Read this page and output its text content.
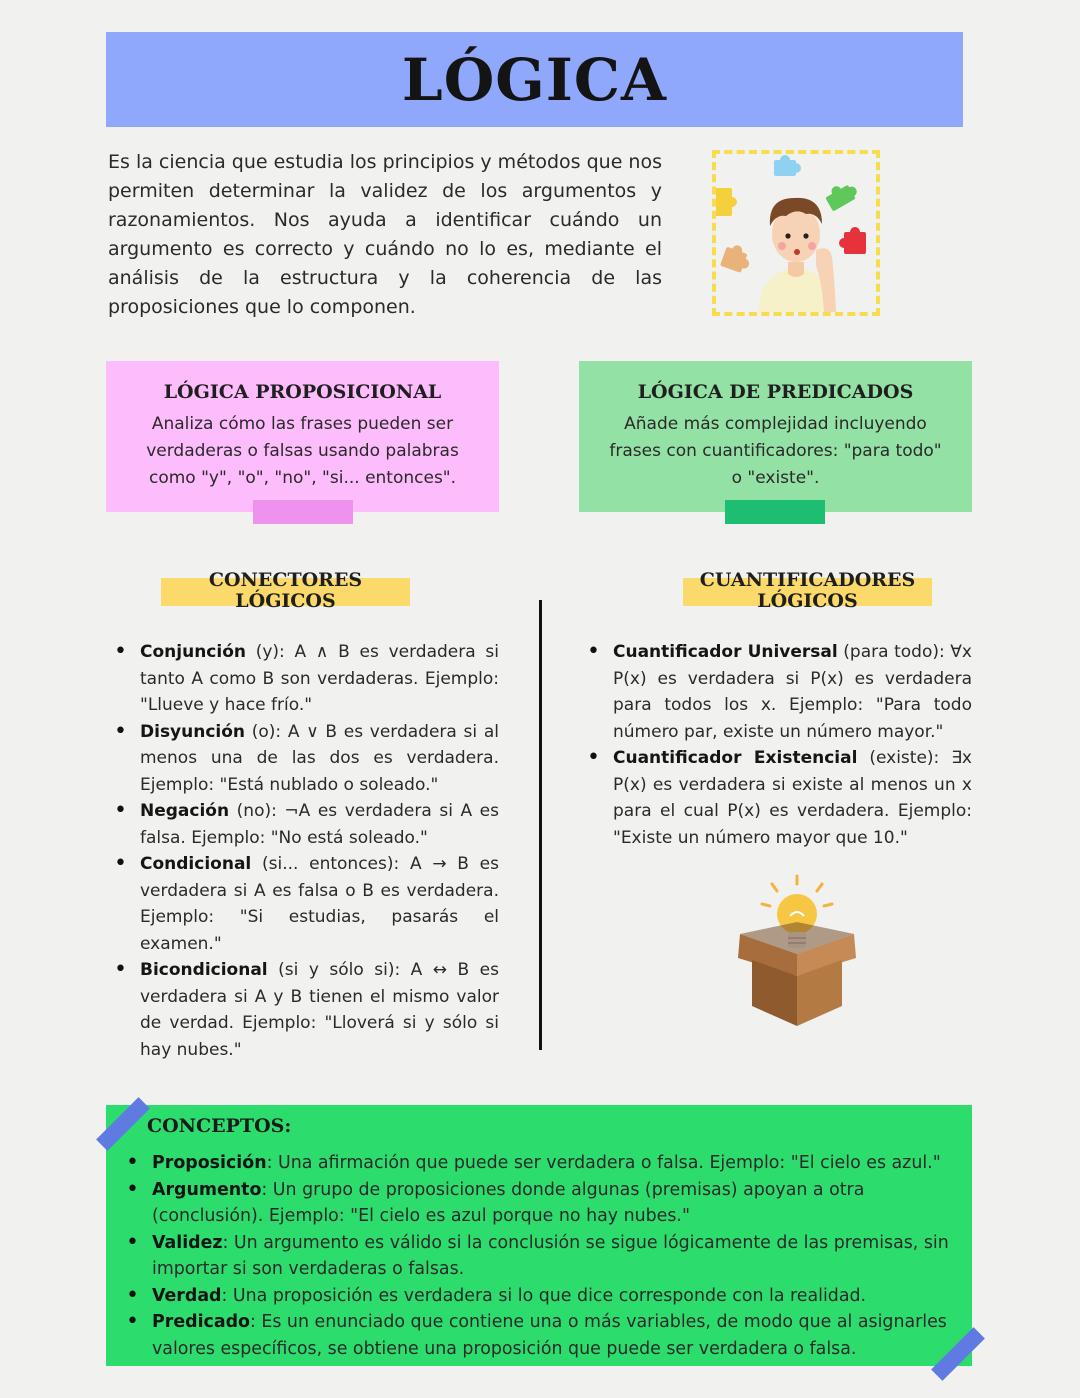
LÓGICA
Es la ciencia que estudia los principios y métodos que nos permiten determinar la validez de los argumentos y razonamientos. Nos ayuda a identificar cuándo un argumento es correcto y cuándo no lo es, mediante el análisis de la estructura y la coherencia de las proposiciones que lo componen.
LÓGICA PROPOSICIONAL

Analiza cómo las frases pueden ser verdaderas o falsas usando palabras como "y", "o", "no", "si... entonces".

LÓGICA DE PREDICADOS

Añade más complejidad incluyendo frases con cuantificadores: "para todo" o "existe".

CONECTORES
LÓGICOS
CUANTIFICADORES
LÓGICOS
• Conjunción (y): A ∧ B es verdadera si tanto A como B son verdaderas. Ejemplo: "Llueve y hace frío."
• Disyunción (o): A ∨ B es verdadera si al menos una de las dos es verdadera. Ejemplo: "Está nublado o soleado."
• Negación (no): ¬A es verdadera si A es falsa. Ejemplo: "No está soleado."
• Condicional (si... entonces): A → B es verdadera si A es falsa o B es verdadera. Ejemplo: "Si estudias, pasarás el examen."
• Bicondicional (si y sólo si): A ↔ B es verdadera si A y B tienen el mismo valor de verdad. Ejemplo: "Lloverá si y sólo si hay nubes."
• Cuantificador Universal (para todo): ∀x P(x) es verdadera si P(x) es verdadera para todos los x. Ejemplo: "Para todo número par, existe un número mayor."
• Cuantificador Existencial (existe): ∃x P(x) es verdadera si existe al menos un x para el cual P(x) es verdadera. Ejemplo: "Existe un número mayor que 10."
CONCEPTOS:
• Proposición: Una afirmación que puede ser verdadera o falsa. Ejemplo: "El cielo es azul."
• Argumento: Un grupo de proposiciones donde algunas (premisas) apoyan a otra (conclusión). Ejemplo: "El cielo es azul porque no hay nubes."
• Validez: Un argumento es válido si la conclusión se sigue lógicamente de las premisas, sin importar si son verdaderas o falsas.
• Verdad: Una proposición es verdadera si lo que dice corresponde con la realidad.
• Predicado: Es un enunciado que contiene una o más variables, de modo que al asignarles valores específicos, se obtiene una proposición que puede ser verdadera o falsa.
